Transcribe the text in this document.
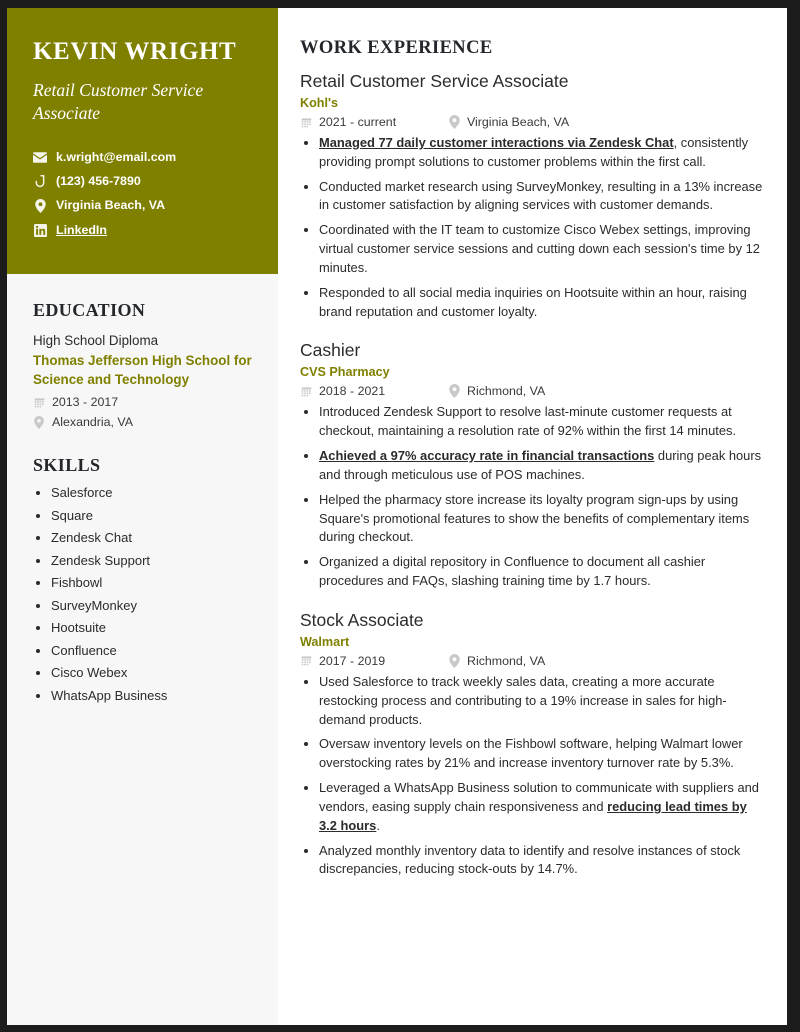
KEVIN WRIGHT
Retail Customer Service Associate
k.wright@email.com
(123) 456-7890
Virginia Beach, VA
LinkedIn
EDUCATION
High School Diploma
Thomas Jefferson High School for Science and Technology
2013 - 2017
Alexandria, VA
SKILLS
• Salesforce
• Square
• Zendesk Chat
• Zendesk Support
• Fishbowl
• SurveyMonkey
• Hootsuite
• Confluence
• Cisco Webex
• WhatsApp Business
WORK EXPERIENCE
Retail Customer Service Associate
Kohl's
2021 - current	Virginia Beach, VA
• Managed 77 daily customer interactions via Zendesk Chat, consistently providing prompt solutions to customer problems within the first call.
• Conducted market research using SurveyMonkey, resulting in a 13% increase in customer satisfaction by aligning services with customer demands.
• Coordinated with the IT team to customize Cisco Webex settings, improving virtual customer service sessions and cutting down each session's time by 12 minutes.
• Responded to all social media inquiries on Hootsuite within an hour, raising brand reputation and customer loyalty.
Cashier
CVS Pharmacy
2018 - 2021	Richmond, VA
• Introduced Zendesk Support to resolve last-minute customer requests at checkout, maintaining a resolution rate of 92% within the first 14 minutes.
• Achieved a 97% accuracy rate in financial transactions during peak hours and through meticulous use of POS machines.
• Helped the pharmacy store increase its loyalty program sign-ups by using Square's promotional features to show the benefits of complementary items during checkout.
• Organized a digital repository in Confluence to document all cashier procedures and FAQs, slashing training time by 1.7 hours.
Stock Associate
Walmart
2017 - 2019	Richmond, VA
• Used Salesforce to track weekly sales data, creating a more accurate restocking process and contributing to a 19% increase in sales for high-demand products.
• Oversaw inventory levels on the Fishbowl software, helping Walmart lower overstocking rates by 21% and increase inventory turnover rate by 5.3%.
• Leveraged a WhatsApp Business solution to communicate with suppliers and vendors, easing supply chain responsiveness and reducing lead times by 3.2 hours.
• Analyzed monthly inventory data to identify and resolve instances of stock discrepancies, reducing stock-outs by 14.7%.
